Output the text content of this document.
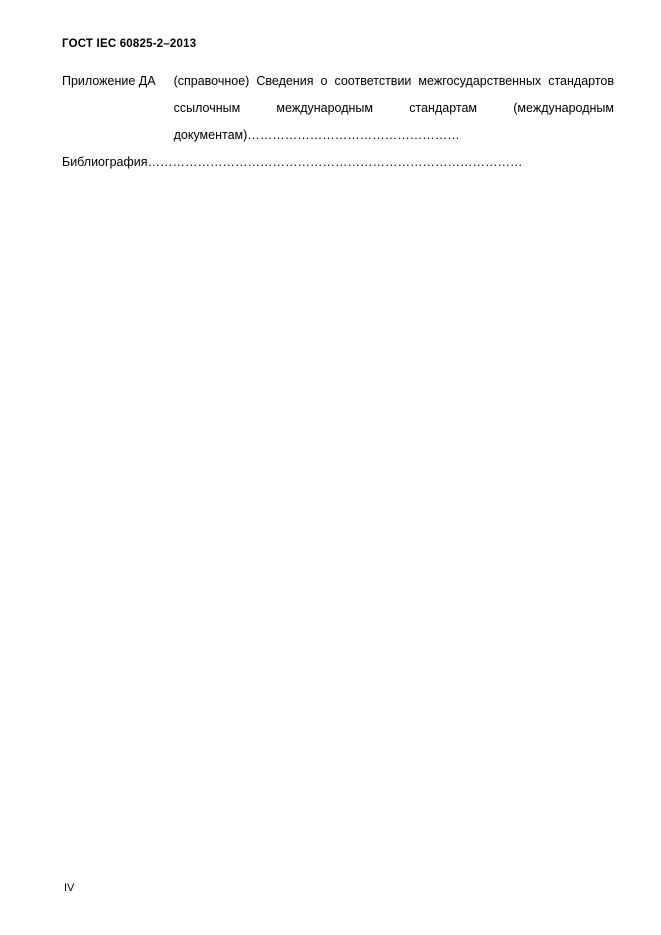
ГОСТ IEC 60825-2–2013
Приложение ДА	(справочное) Сведения о соответствии межгосударственных стандартов ссылочным международным стандартам (международным документам)……………………………………………
Библиография………………………………………………………………………………
IV
